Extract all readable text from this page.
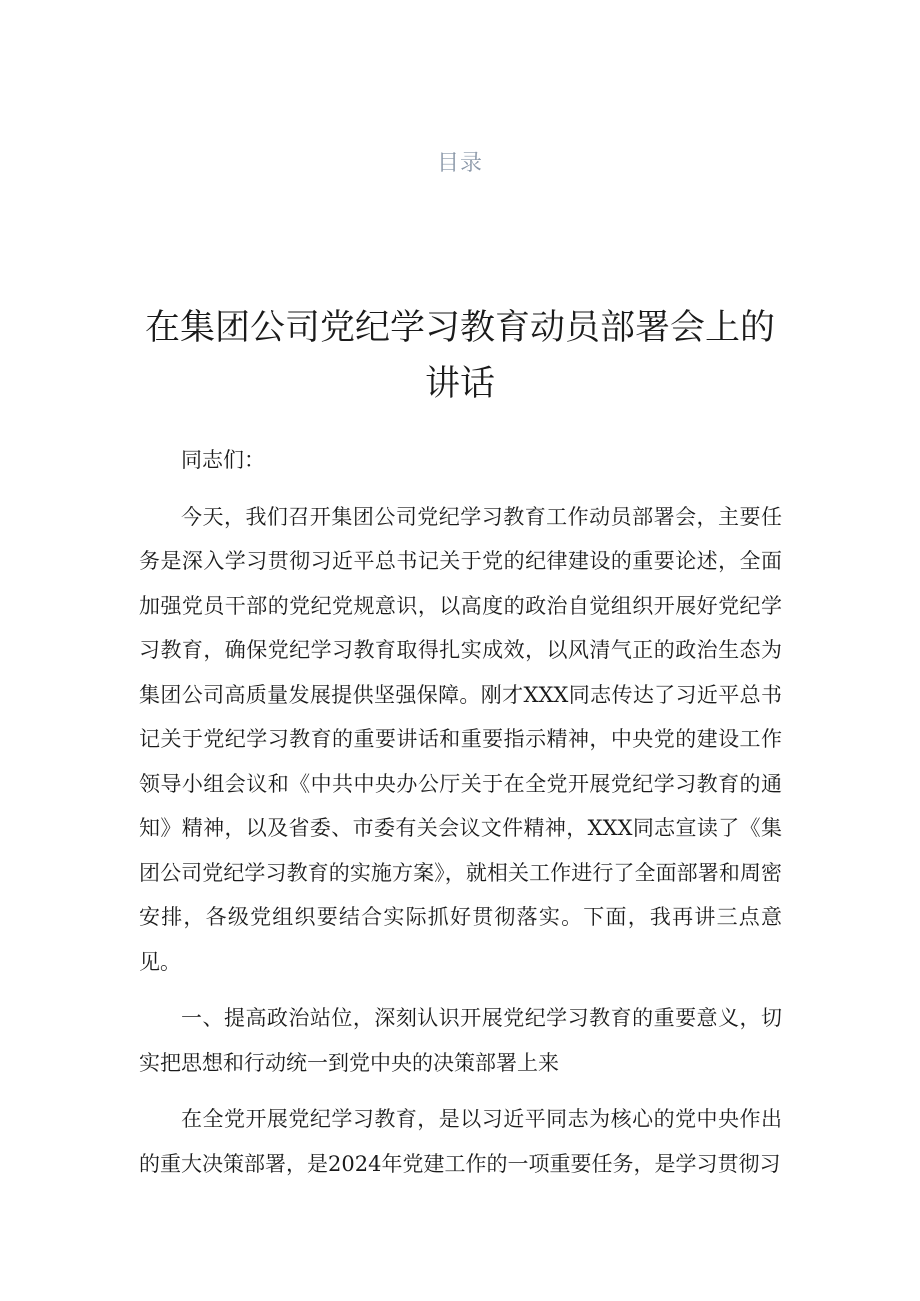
目录
在集团公司党纪学习教育动员部署会上的讲话

同志们：

今天，我们召开集团公司党纪学习教育工作动员部署会，主要任务是深入学习贯彻习近平总书记关于党的纪律建设的重要论述，全面加强党员干部的党纪党规意识，以高度的政治自觉组织开展好党纪学习教育，确保党纪学习教育取得扎实成效，以风清气正的政治生态为集团公司高质量发展提供坚强保障。刚才XXX同志传达了习近平总书记关于党纪学习教育的重要讲话和重要指示精神，中央党的建设工作领导小组会议和《中共中央办公厅关于在全党开展党纪学习教育的通知》精神，以及省委、市委有关会议文件精神，XXX同志宣读了《集团公司党纪学习教育的实施方案》，就相关工作进行了全面部署和周密安排，各级党组织要结合实际抓好贯彻落实。下面，我再讲三点意见。

一、提高政治站位，深刻认识开展党纪学习教育的重要意义，切实把思想和行动统一到党中央的决策部署上来

在全党开展党纪学习教育，是以习近平同志为核心的党中央作出的重大决策部署，是2024年党建工作的一项重要任务，是学习贯彻习
